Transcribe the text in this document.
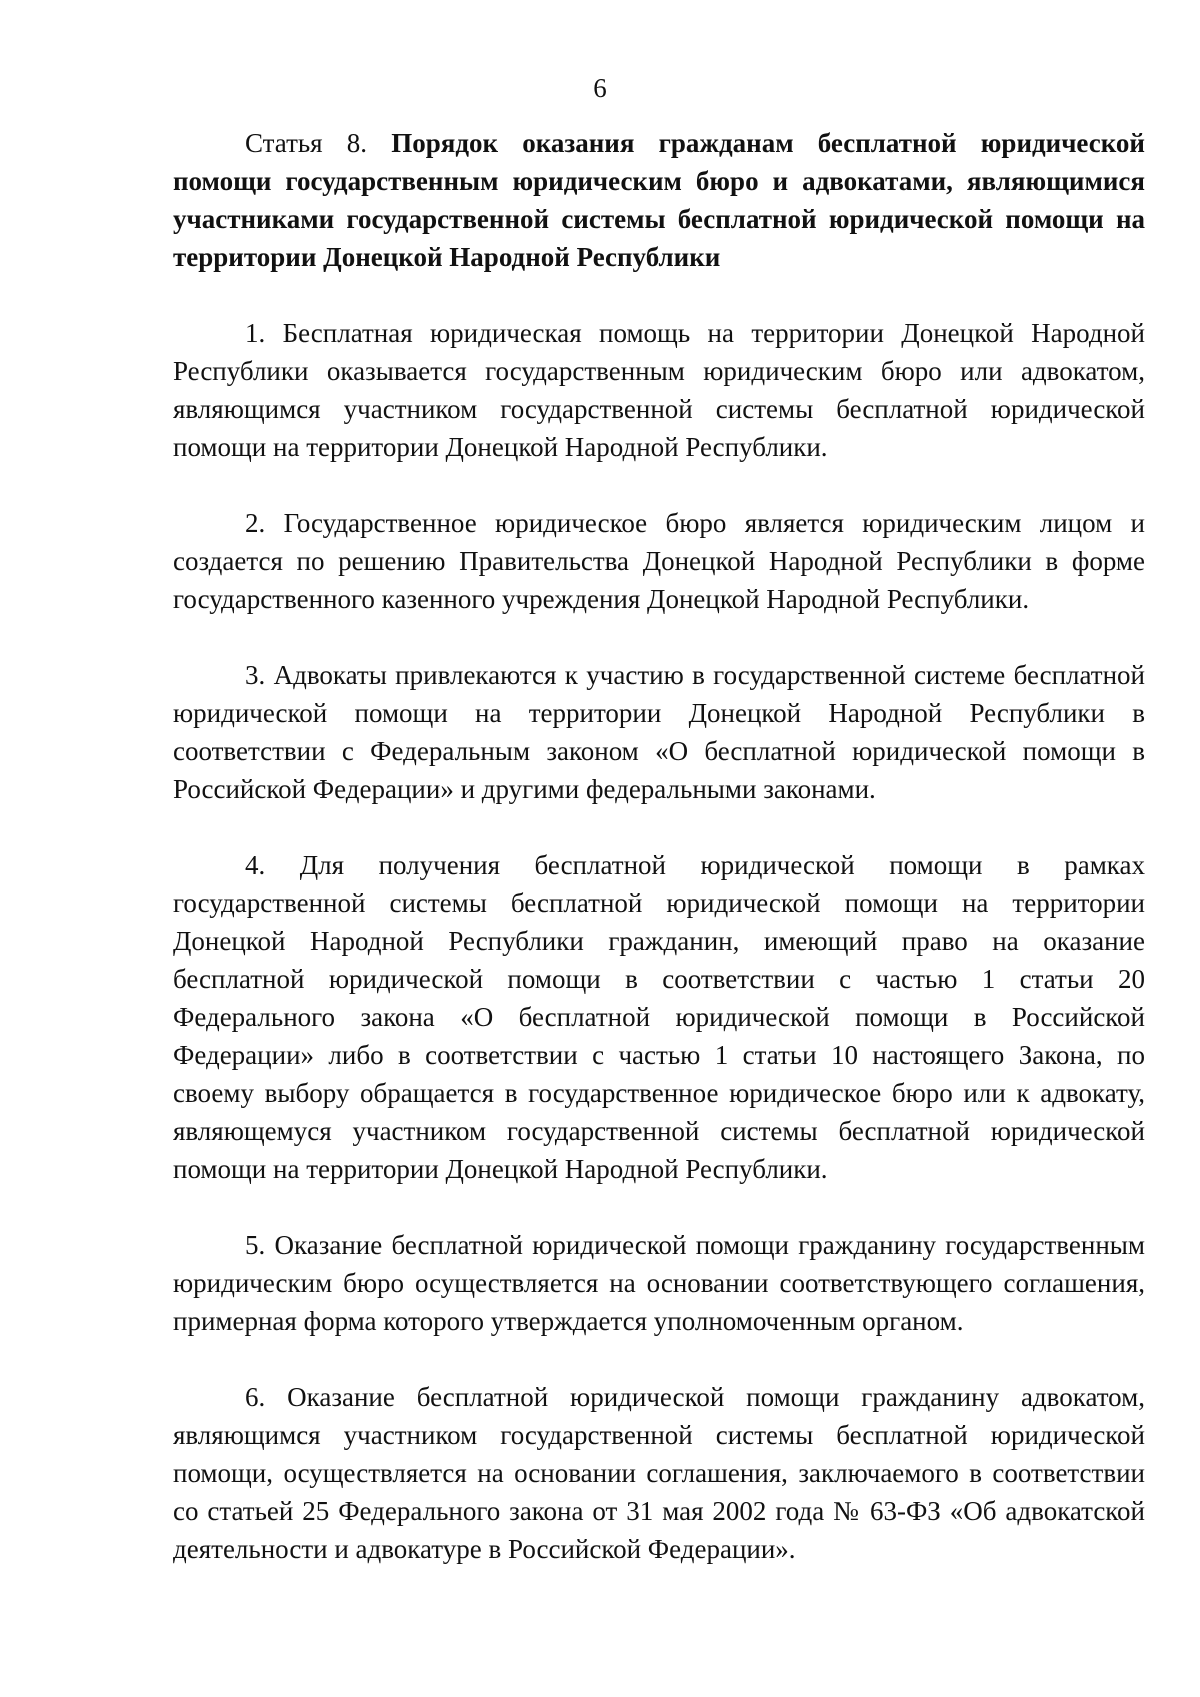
6
Статья 8. Порядок оказания гражданам бесплатной юридической помощи государственным юридическим бюро и адвокатами, являющимися участниками государственной системы бесплатной юридической помощи на территории Донецкой Народной Республики

1. Бесплатная юридическая помощь на территории Донецкой Народной Республики оказывается государственным юридическим бюро или адвокатом, являющимся участником государственной системы бесплатной юридической помощи на территории Донецкой Народной Республики.

2. Государственное юридическое бюро является юридическим лицом и создается по решению Правительства Донецкой Народной Республики в форме государственного казенного учреждения Донецкой Народной Республики.

3. Адвокаты привлекаются к участию в государственной системе бесплатной юридической помощи на территории Донецкой Народной Республики в соответствии с Федеральным законом «О бесплатной юридической помощи в Российской Федерации» и другими федеральными законами.

4. Для получения бесплатной юридической помощи в рамках государственной системы бесплатной юридической помощи на территории Донецкой Народной Республики гражданин, имеющий право на оказание бесплатной юридической помощи в соответствии с частью 1 статьи 20 Федерального закона «О бесплатной юридической помощи в Российской Федерации» либо в соответствии с частью 1 статьи 10 настоящего Закона, по своему выбору обращается в государственное юридическое бюро или к адвокату, являющемуся участником государственной системы бесплатной юридической помощи на территории Донецкой Народной Республики.

5. Оказание бесплатной юридической помощи гражданину государственным юридическим бюро осуществляется на основании соответствующего соглашения, примерная форма которого утверждается уполномоченным органом.

6. Оказание бесплатной юридической помощи гражданину адвокатом, являющимся участником государственной системы бесплатной юридической помощи, осуществляется на основании соглашения, заключаемого в соответствии со статьей 25 Федерального закона от 31 мая 2002 года № 63-ФЗ «Об адвокатской деятельности и адвокатуре в Российской Федерации».
